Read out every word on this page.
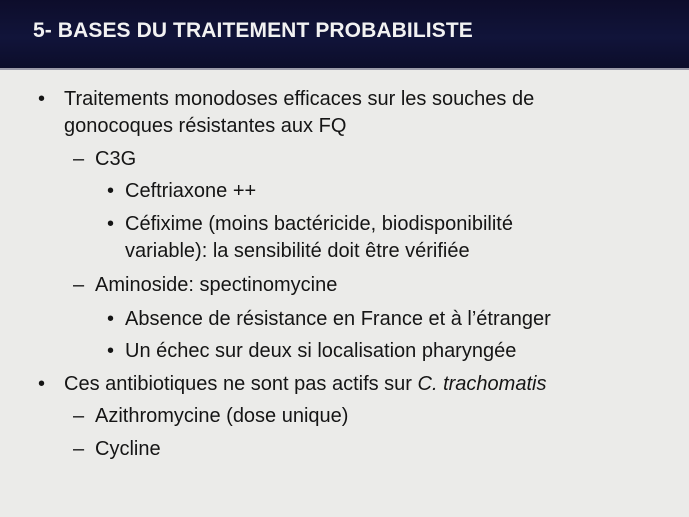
5- BASES DU TRAITEMENT PROBABILISTE
• Traitements monodoses efficaces sur les souches de
gonocoques résistantes aux FQ
– C3G
• Ceftriaxone ++
• Céfixime (moins bactéricide, biodisponibilité
variable): la sensibilité doit être vérifiée
– Aminoside: spectinomycine
• Absence de résistance en France et à l’étranger
• Un échec sur deux si localisation pharyngée
• Ces antibiotiques ne sont pas actifs sur C. trachomatis
– Azithromycine (dose unique)
– Cycline
